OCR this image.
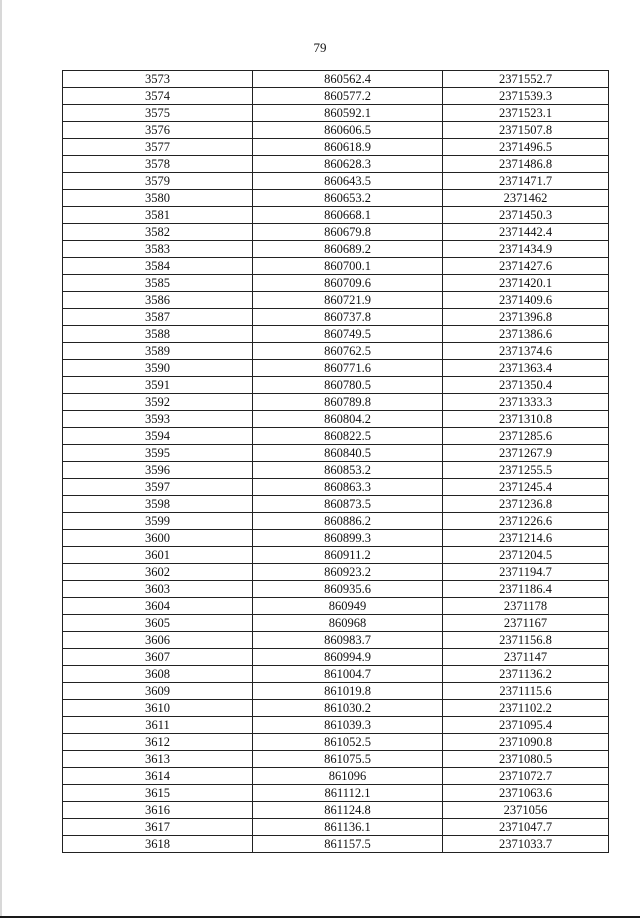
79
3573	860562.4	2371552.7
3574	860577.2	2371539.3
3575	860592.1	2371523.1
3576	860606.5	2371507.8
3577	860618.9	2371496.5
3578	860628.3	2371486.8
3579	860643.5	2371471.7
3580	860653.2	2371462
3581	860668.1	2371450.3
3582	860679.8	2371442.4
3583	860689.2	2371434.9
3584	860700.1	2371427.6
3585	860709.6	2371420.1
3586	860721.9	2371409.6
3587	860737.8	2371396.8
3588	860749.5	2371386.6
3589	860762.5	2371374.6
3590	860771.6	2371363.4
3591	860780.5	2371350.4
3592	860789.8	2371333.3
3593	860804.2	2371310.8
3594	860822.5	2371285.6
3595	860840.5	2371267.9
3596	860853.2	2371255.5
3597	860863.3	2371245.4
3598	860873.5	2371236.8
3599	860886.2	2371226.6
3600	860899.3	2371214.6
3601	860911.2	2371204.5
3602	860923.2	2371194.7
3603	860935.6	2371186.4
3604	860949	2371178
3605	860968	2371167
3606	860983.7	2371156.8
3607	860994.9	2371147
3608	861004.7	2371136.2
3609	861019.8	2371115.6
3610	861030.2	2371102.2
3611	861039.3	2371095.4
3612	861052.5	2371090.8
3613	861075.5	2371080.5
3614	861096	2371072.7
3615	861112.1	2371063.6
3616	861124.8	2371056
3617	861136.1	2371047.7
3618	861157.5	2371033.7
